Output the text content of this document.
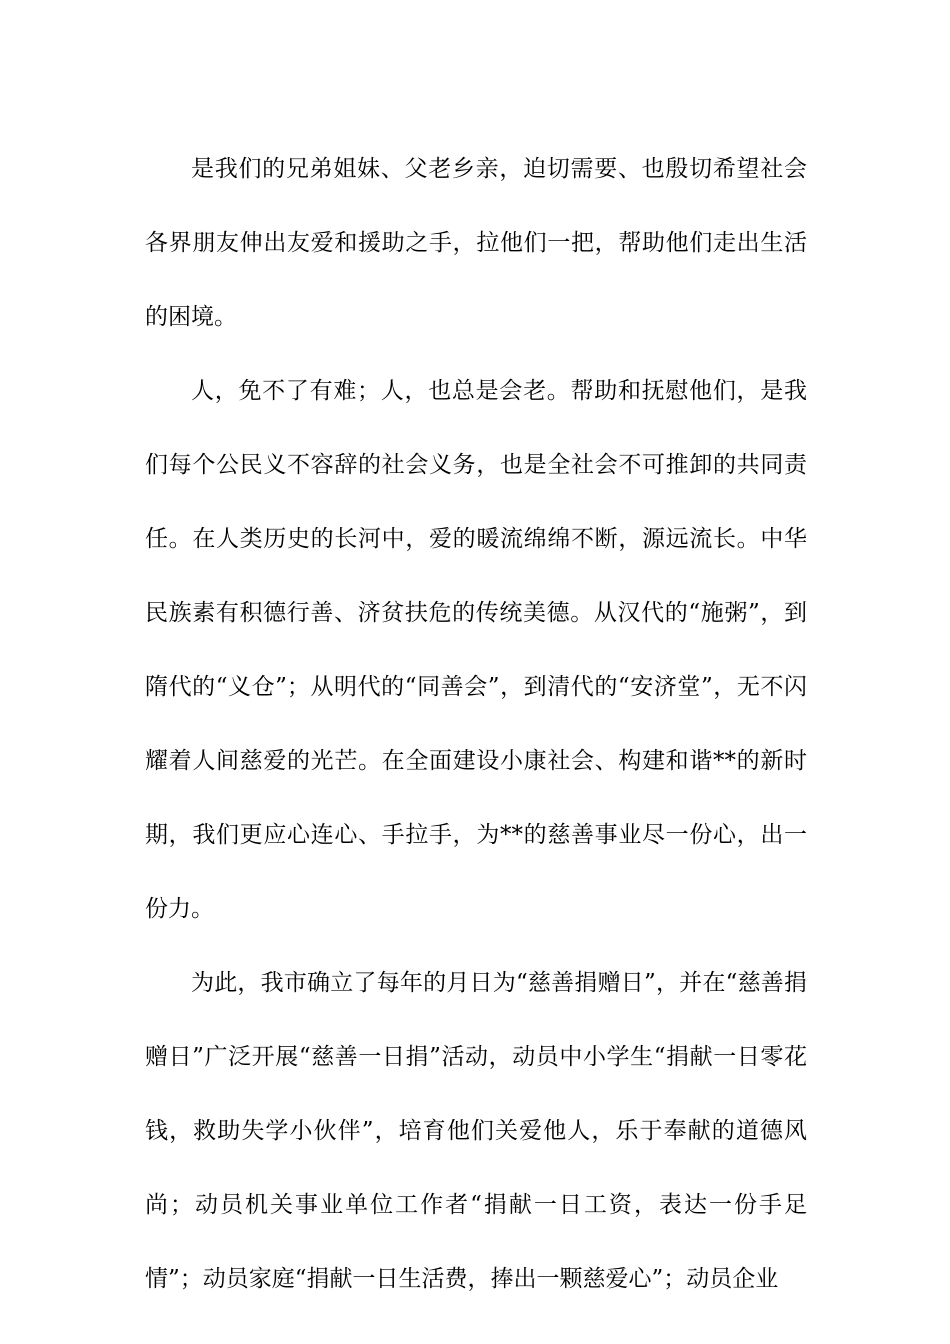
是我们的兄弟姐妹、父老乡亲，迫切需要、也殷切希望社会各界朋友伸出友爱和援助之手，拉他们一把，帮助他们走出生活的困境。

人，免不了有难；人，也总是会老。帮助和抚慰他们，是我们每个公民义不容辞的社会义务，也是全社会不可推卸的共同责任。在人类历史的长河中，爱的暖流绵绵不断，源远流长。中华民族素有积德行善、济贫扶危的传统美德。从汉代的“施粥”，到隋代的“义仓”；从明代的“同善会”，到清代的“安济堂”，无不闪耀着人间慈爱的光芒。在全面建设小康社会、构建和谐**的新时期，我们更应心连心、手拉手，为**的慈善事业尽一份心，出一份力。

为此，我市确立了每年的月日为“慈善捐赠日”，并在“慈善捐赠日”广泛开展“慈善一日捐”活动，动员中小学生“捐献一日零花钱，救助失学小伙伴”，培育他们关爱他人，乐于奉献的道德风尚；动员机关事业单位工作者“捐献一日工资，表达一份手足情”；动员家庭“捐献一日生活费，捧出一颗慈爱心”；动员企业
